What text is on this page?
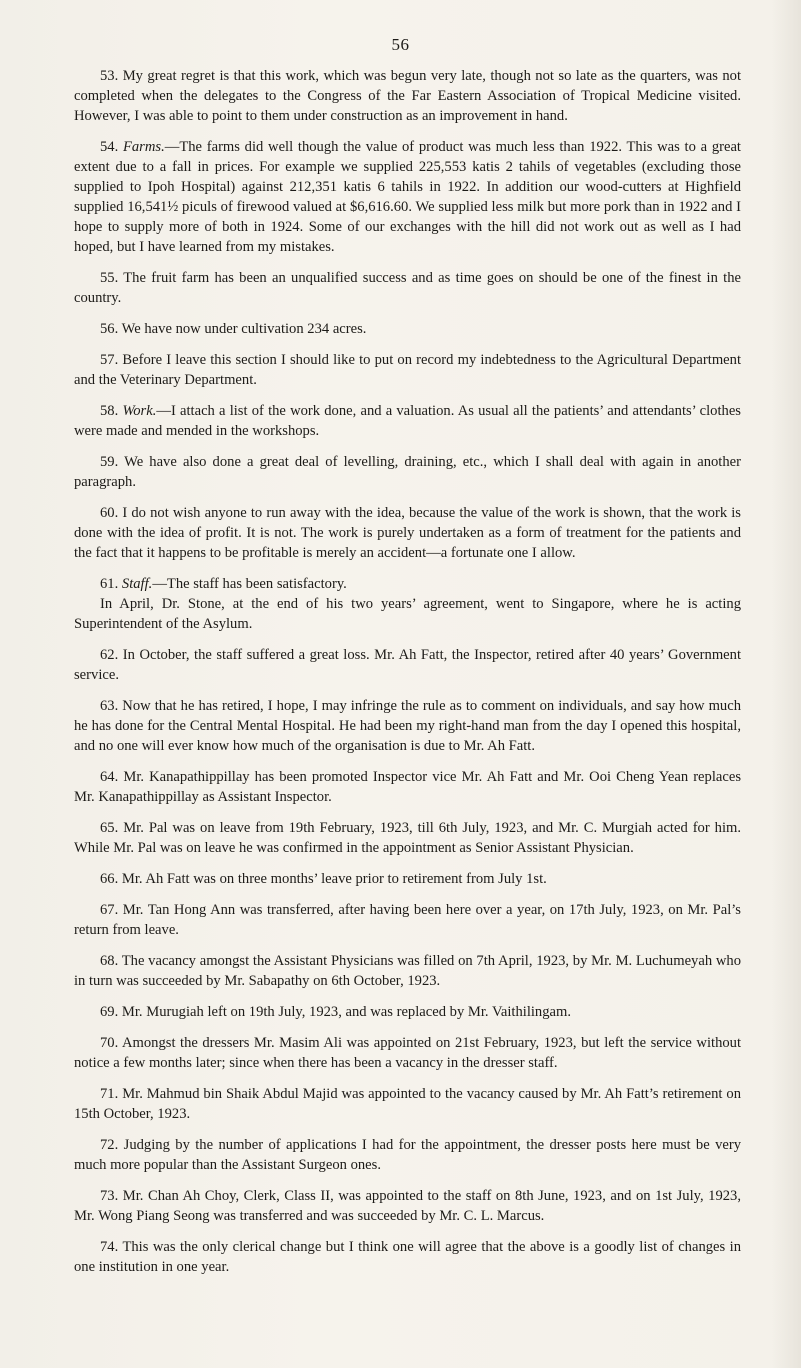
56

53. My great regret is that this work, which was begun very late, though not so late as the quarters, was not completed when the delegates to the Congress of the Far Eastern Association of Tropical Medicine visited. However, I was able to point to them under construction as an improvement in hand.

54. Farms.—The farms did well though the value of product was much less than 1922. This was to a great extent due to a fall in prices. For example we supplied 225,553 katis 2 tahils of vegetables (excluding those supplied to Ipoh Hospital) against 212,351 katis 6 tahils in 1922. In addition our wood-cutters at Highfield supplied 16,541½ piculs of firewood valued at $6,616.60. We supplied less milk but more pork than in 1922 and I hope to supply more of both in 1924. Some of our exchanges with the hill did not work out as well as I had hoped, but I have learned from my mistakes.

55. The fruit farm has been an unqualified success and as time goes on should be one of the finest in the country.

56. We have now under cultivation 234 acres.

57. Before I leave this section I should like to put on record my indebtedness to the Agricultural Department and the Veterinary Department.

58. Work.—I attach a list of the work done, and a valuation. As usual all the patients’ and attendants’ clothes were made and mended in the workshops.

59. We have also done a great deal of levelling, draining, etc., which I shall deal with again in another paragraph.

60. I do not wish anyone to run away with the idea, because the value of the work is shown, that the work is done with the idea of profit. It is not. The work is purely undertaken as a form of treatment for the patients and the fact that it happens to be profitable is merely an accident—a fortunate one I allow.

61. Staff.—The staff has been satisfactory.

In April, Dr. Stone, at the end of his two years’ agreement, went to Singapore, where he is acting Superintendent of the Asylum.

62. In October, the staff suffered a great loss. Mr. Ah Fatt, the Inspector, retired after 40 years’ Government service.

63. Now that he has retired, I hope, I may infringe the rule as to comment on individuals, and say how much he has done for the Central Mental Hospital. He had been my right-hand man from the day I opened this hospital, and no one will ever know how much of the organisation is due to Mr. Ah Fatt.

64. Mr. Kanapathippillay has been promoted Inspector vice Mr. Ah Fatt and Mr. Ooi Cheng Yean replaces Mr. Kanapathippillay as Assistant Inspector.

65. Mr. Pal was on leave from 19th February, 1923, till 6th July, 1923, and Mr. C. Murgiah acted for him. While Mr. Pal was on leave he was confirmed in the appointment as Senior Assistant Physician.

66. Mr. Ah Fatt was on three months’ leave prior to retirement from July 1st.

67. Mr. Tan Hong Ann was transferred, after having been here over a year, on 17th July, 1923, on Mr. Pal’s return from leave.

68. The vacancy amongst the Assistant Physicians was filled on 7th April, 1923, by Mr. M. Luchumeyah who in turn was succeeded by Mr. Sabapathy on 6th October, 1923.

69. Mr. Murugiah left on 19th July, 1923, and was replaced by Mr. Vaithilingam.

70. Amongst the dressers Mr. Masim Ali was appointed on 21st February, 1923, but left the service without notice a few months later; since when there has been a vacancy in the dresser staff.

71. Mr. Mahmud bin Shaik Abdul Majid was appointed to the vacancy caused by Mr. Ah Fatt’s retirement on 15th October, 1923.

72. Judging by the number of applications I had for the appointment, the dresser posts here must be very much more popular than the Assistant Surgeon ones.

73. Mr. Chan Ah Choy, Clerk, Class II, was appointed to the staff on 8th June, 1923, and on 1st July, 1923, Mr. Wong Piang Seong was transferred and was succeeded by Mr. C. L. Marcus.

74. This was the only clerical change but I think one will agree that the above is a goodly list of changes in one institution in one year.
